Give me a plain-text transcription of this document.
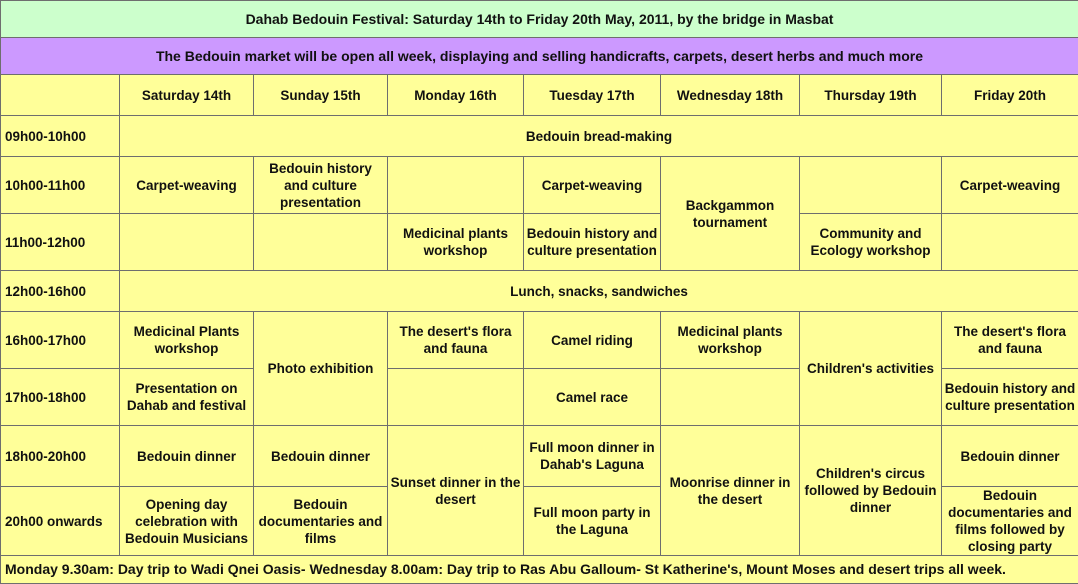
Dahab Bedouin Festival: Saturday 14th to Friday 20th May, 2011, by the bridge in Masbat							
The Bedouin market will be open all week, displaying and selling handicrafts, carpets, desert herbs and much more							
	Saturday 14th	Sunday 15th	Monday 16th	Tuesday 17th	Wednesday 18th	Thursday 19th	Friday 20th
09h00-10h00	Bedouin bread-making						
10h00-11h00	Carpet-weaving	Bedouin history and culture presentation		Carpet-weaving	Backgammon tournament		Carpet-weaving
11h00-12h00			Medicinal plants workshop	Bedouin history and culture presentation		Community and Ecology workshop	
12h00-16h00	Lunch, snacks, sandwiches						
16h00-17h00	Medicinal Plants workshop	Photo exhibition	The desert's flora and fauna	Camel riding	Medicinal plants workshop	Children's activities	The desert's flora and fauna
17h00-18h00	Presentation on Dahab and festival			Camel race			Bedouin history and culture presentation
18h00-20h00	Bedouin dinner	Bedouin dinner	Sunset dinner in the desert	Full moon dinner in Dahab's Laguna	Moonrise dinner in the desert	Children's circus followed by Bedouin dinner	Bedouin dinner
20h00 onwards	Opening day celebration with Bedouin Musicians	Bedouin documentaries and films		Full moon party in the Laguna			Bedouin documentaries and films followed by closing party
Monday 9.30am: Day trip to Wadi Qnei Oasis- Wednesday 8.00am: Day trip to Ras Abu Galloum- St Katherine's, Mount Moses and desert trips all week.							
